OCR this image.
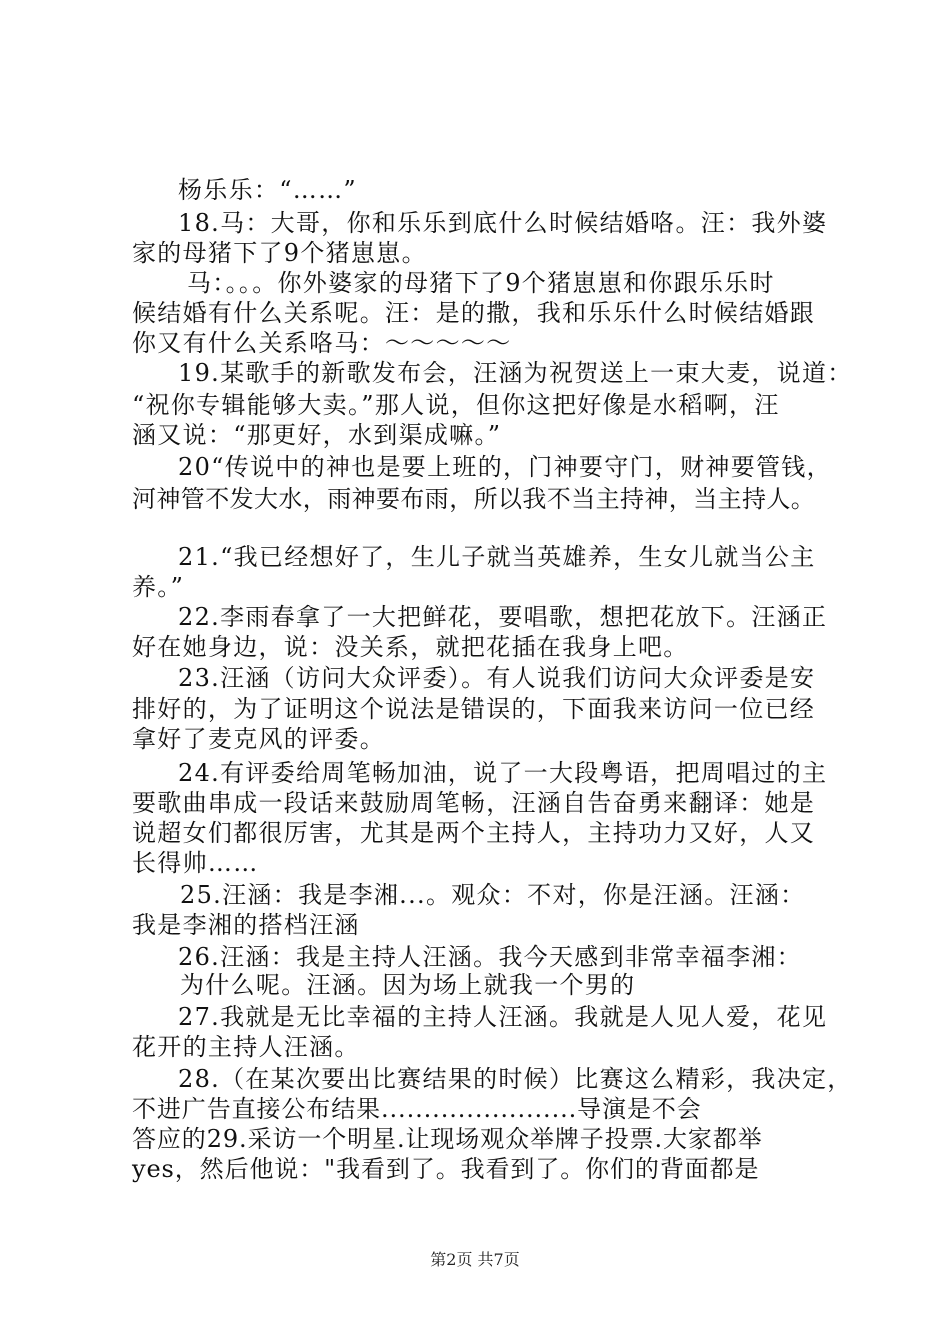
杨乐乐：“……”
18.马：大哥，你和乐乐到底什么时候结婚咯。汪：我外婆
家的母猪下了9个猪崽崽。
马：。。。你外婆家的母猪下了9个猪崽崽和你跟乐乐时
候结婚有什么关系呢。汪：是的撒，我和乐乐什么时候结婚跟
你又有什么关系咯马：～～～～～
19.某歌手的新歌发布会，汪涵为祝贺送上一束大麦，说道：
“祝你专辑能够大卖。”那人说，但你这把好像是水稻啊，汪
涵又说：“那更好，水到渠成嘛。”
20“传说中的神也是要上班的，门神要守门，财神要管钱，
河神管不发大水，雨神要布雨，所以我不当主持神，当主持人。
21.“我已经想好了，生儿子就当英雄养，生女儿就当公主
养。”
22.李雨春拿了一大把鲜花，要唱歌，想把花放下。汪涵正
好在她身边，说：没关系，就把花插在我身上吧。
23.汪涵（访问大众评委）。有人说我们访问大众评委是安
排好的，为了证明这个说法是错误的，下面我来访问一位已经
拿好了麦克风的评委。
24.有评委给周笔畅加油，说了一大段粤语，把周唱过的主
要歌曲串成一段话来鼓励周笔畅，汪涵自告奋勇来翻译：她是
说超女们都很厉害，尤其是两个主持人，主持功力又好，人又
长得帅……
25.汪涵：我是李湘...。观众：不对，你是汪涵。汪涵：
我是李湘的搭档汪涵
26.汪涵：我是主持人汪涵。我今天感到非常幸福李湘：
为什么呢。汪涵。因为场上就我一个男的
27.我就是无比幸福的主持人汪涵。我就是人见人爱，花见
花开的主持人汪涵。
28.（在某次要出比赛结果的时候）比赛这么精彩，我决定，
不进广告直接公布结果.......................导演是不会
答应的29.采访一个明星.让现场观众举牌子投票.大家都举
yes，然后他说："我看到了。我看到了。你们的背面都是
第2页 共7页
